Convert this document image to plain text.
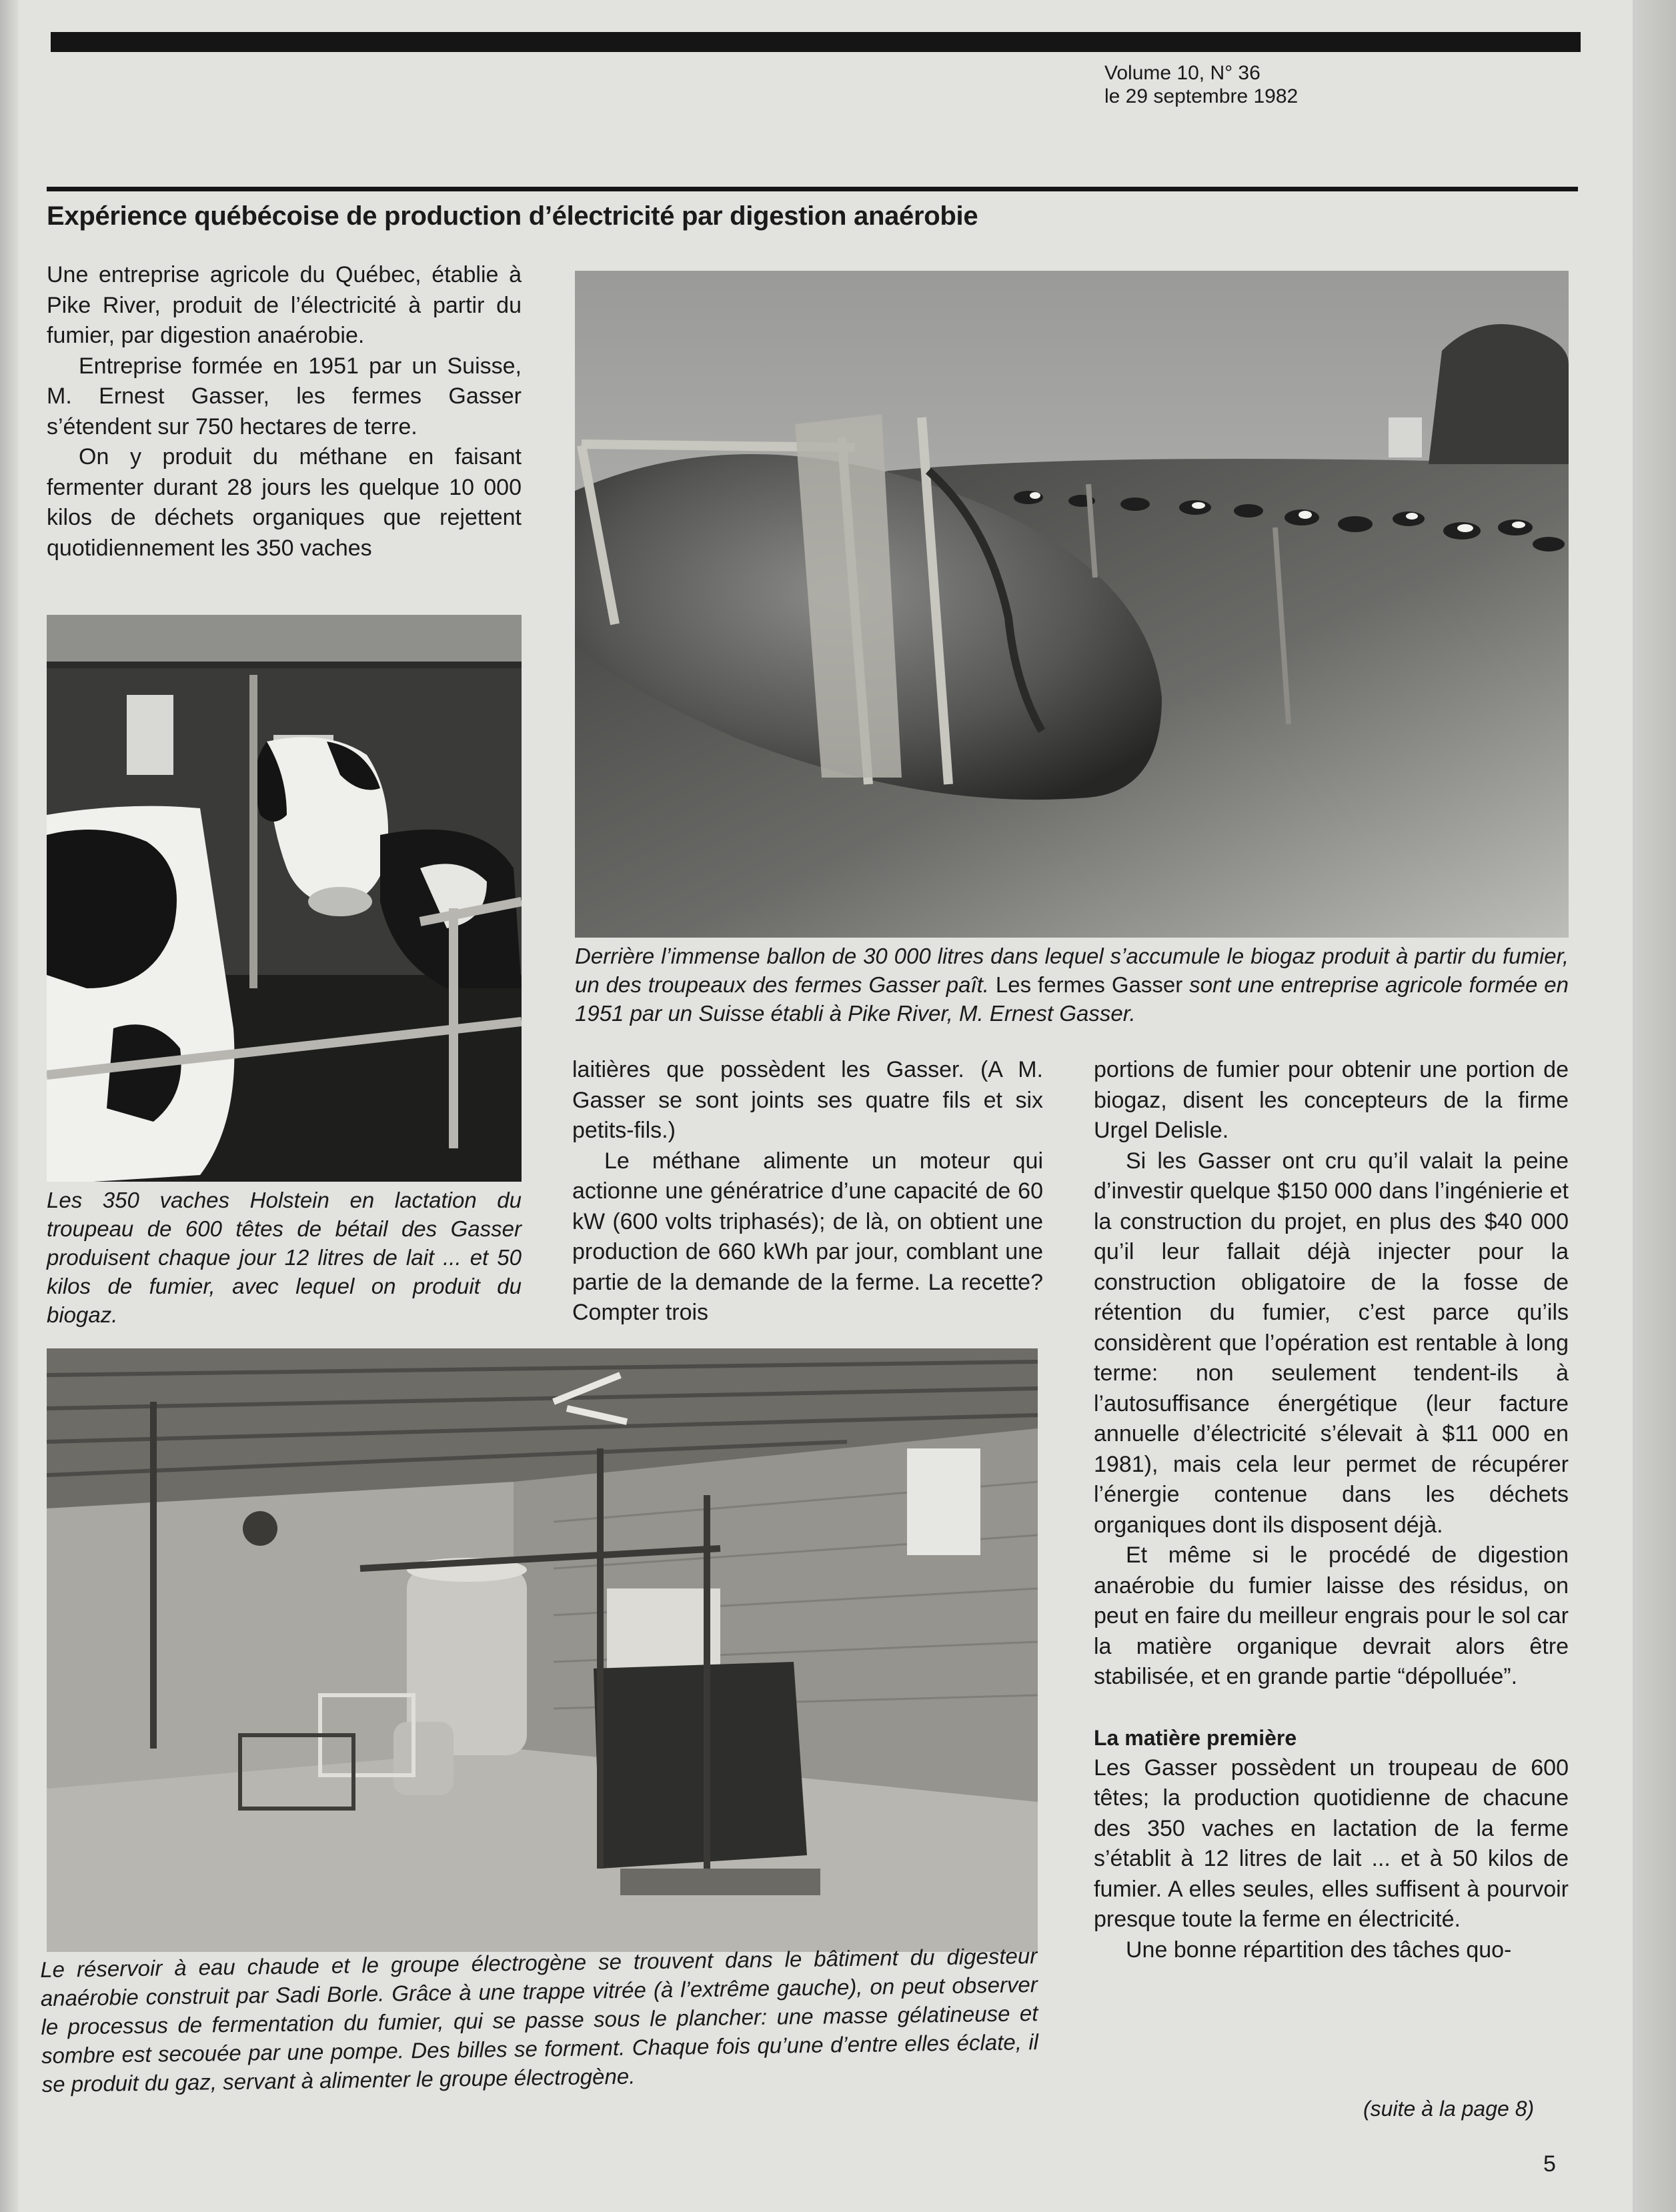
Volume 10, N° 36
le 29 septembre 1982
Expérience québécoise de production d’électricité par digestion anaérobie

Une entreprise agricole du Québec, établie à Pike River, produit de l’électricité à partir du fumier, par digestion anaérobie.

Entreprise formée en 1951 par un Suisse, M. Ernest Gasser, les fermes Gasser s’étendent sur 750 hectares de terre.

On y produit du méthane en faisant fermenter durant 28 jours les quelque 10 000 kilos de déchets organiques que rejettent quotidiennement les 350 vaches

Derrière l’immense ballon de 30 000 litres dans lequel s’accumule le biogaz produit à partir du fumier, un des troupeaux des fermes Gasser paît. Les fermes Gasser sont une entreprise agricole formée en 1951 par un Suisse établi à Pike River, M. Ernest Gasser.
Les 350 vaches Holstein en lactation du troupeau de 600 têtes de bétail des Gasser produisent chaque jour 12 litres de lait ... et 50 kilos de fumier, avec lequel on produit du biogaz.

laitières que possèdent les Gasser. (A M. Gasser se sont joints ses quatre fils et six petits-fils.)

Le méthane alimente un moteur qui actionne une génératrice d’une capacité de 60 kW (600 volts triphasés); de là, on obtient une production de 660 kWh par jour, comblant une partie de la demande de la ferme. La recette? Compter trois

portions de fumier pour obtenir une portion de biogaz, disent les concepteurs de la firme Urgel Delisle.

Si les Gasser ont cru qu’il valait la peine d’investir quelque $150 000 dans l’ingénierie et la construction du projet, en plus des $40 000 qu’il leur fallait déjà injecter pour la construction obligatoire de la fosse de rétention du fumier, c’est parce qu’ils considèrent que l’opération est rentable à long terme: non seulement tendent-ils à l’autosuffisance énergétique (leur facture annuelle d’électricité s’élevait à $11 000 en 1981), mais cela leur permet de récupérer l’énergie contenue dans les déchets organiques dont ils disposent déjà.

Et même si le procédé de digestion anaérobie du fumier laisse des résidus, on peut en faire du meilleur engrais pour le sol car la matière organique devrait alors être stabilisée, et en grande partie “dépolluée”.

La matière première

Les Gasser possèdent un troupeau de 600 têtes; la production quotidienne de chacune des 350 vaches en lactation de la ferme s’établit à 12 litres de lait ... et à 50 kilos de fumier. A elles seules, elles suffisent à pourvoir presque toute la ferme en électricité.

Une bonne répartition des tâches quo-

Le réservoir à eau chaude et le groupe électrogène se trouvent dans le bâtiment du digesteur anaérobie construit par Sadi Borle. Grâce à une trappe vitrée (à l’extrême gauche), on peut observer le processus de fermentation du fumier, qui se passe sous le plancher: une masse gélatineuse et sombre est secouée par une pompe. Des billes se forment. Chaque fois qu’une d’entre elles éclate, il se produit du gaz, servant à alimenter le groupe électrogène.
(suite à la page 8)
5
